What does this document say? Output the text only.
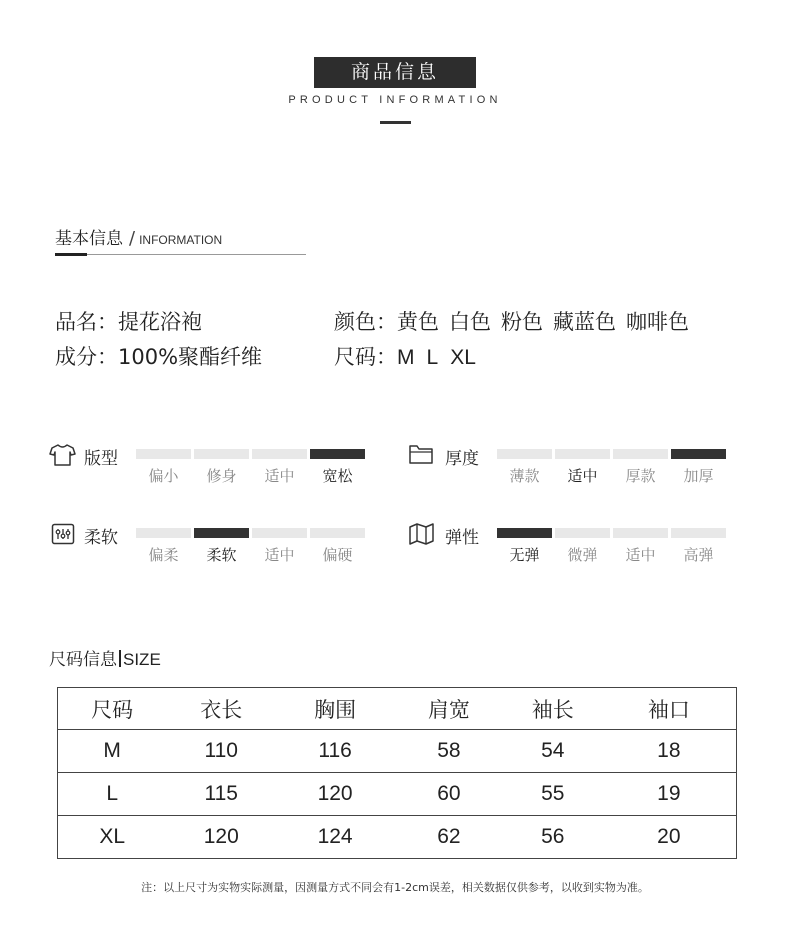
商品信息
PRODUCT INFORMATION
基本信息 / INFORMATION
品名：提花浴袍
成分：100%聚酯纤维
颜色：黄色 白色 粉色 藏蓝色 咖啡色
尺码：M L XL
版型	厚度
柔软	弹性
偏小	修身	适中	宽松	薄款	适中	厚款	加厚
偏柔	柔软	适中	偏硬	无弹	微弹	适中	高弹
尺码信息 SIZE
尺码	衣长	胸围	肩宽	袖长	袖口
M	110	116	58	54	18
L	115	120	60	55	19
XL	120	124	62	56	20
注：以上尺寸为实物实际测量，因测量方式不同会有1-2cm误差，相关数据仅供参考，以收到实物为准。
